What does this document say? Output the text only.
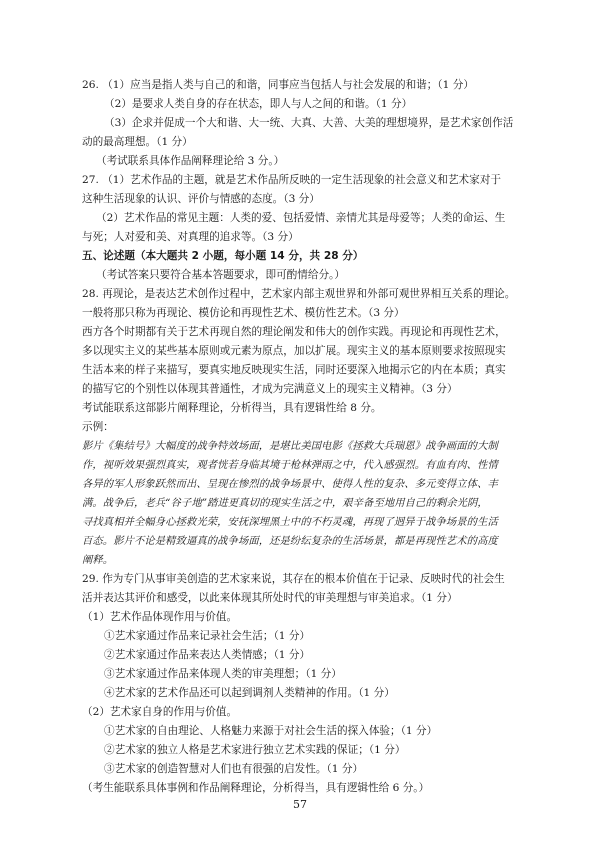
26. （1）应当是指人类与自己的和谐，同事应当包括人与社会发展的和谐；（1 分）
（2）是要求人类自身的存在状态，即人与人之间的和谐。（1 分）
（3）企求并促成一个大和谐、大一统、大真、大善、大美的理想境界，是艺术家创作活
动的最高理想。（1 分）
（考试联系具体作品阐释理论给 3 分。）
27. （1）艺术作品的主题，就是艺术作品所反映的一定生活现象的社会意义和艺术家对于
这种生活现象的认识、评价与情感的态度。（3 分）
（2）艺术作品的常见主题：人类的爱、包括爱情、亲情尤其是母爱等；人类的命运、生
与死；人对爱和美、对真理的追求等。（3 分）
五、论述题（本大题共 2 小题，每小题 14 分，共 28 分）
（考试答案只要符合基本答题要求，即可酌情给分。）
28. 再现论，是表达艺术创作过程中，艺术家内部主观世界和外部可观世界相互关系的理论。
一般将那只称为再现论、模仿论和再现性艺术、模仿性艺术。（3 分）
西方各个时期都有关于艺术再现自然的理论阐发和伟大的创作实践。再现论和再现性艺术，
多以现实主义的某些基本原则或元素为原点，加以扩展。现实主义的基本原则要求按照现实
生活本来的样子来描写，要真实地反映现实生活，同时还要深入地揭示它的内在本质；真实
的描写它的个别性以体现其普通性，才成为完满意义上的现实主义精神。（3 分）
考试能联系这部影片阐释理论，分析得当，具有逻辑性给 8 分。
示例：
影片《集结号》大幅度的战争特效场面，是堪比美国电影《拯救大兵瑞恩》战争画面的大制
作，视听效果强烈真实，观者恍若身临其境于枪林弹雨之中，代入感强烈。有血有肉、性情
各异的军人形象跃然而出、呈现在惨烈的战争场景中、使得人性的复杂、多元变得立体、丰
满。战争后，老兵“谷子地”踏进更真切的现实生活之中，艰辛备至地用自己的剩余光阴，
寻找真相并全幅身心拯救光荣，安抚深埋黑土中的不朽灵魂，再现了迥异于战争场景的生活
百态。影片不论是精致逼真的战争场面，还是纷纭复杂的生活场景，都是再现性艺术的高度
阐释。
29. 作为专门从事审美创造的艺术家来说，其存在的根本价值在于记录、反映时代的社会生
活并表达其评价和感受，以此来体现其所处时代的审美理想与审美追求。（1 分）
（1）艺术作品体现作用与价值。
①艺术家通过作品来记录社会生活；（1 分）
②艺术家通过作品来表达人类情感；（1 分）
③艺术家通过作品来体现人类的审美理想；（1 分）
④艺术家的艺术作品还可以起到调剂人类精神的作用。（1 分）
（2）艺术家自身的作用与价值。
①艺术家的自由理论、人格魅力来源于对社会生活的探入体验；（1 分）
②艺术家的独立人格是艺术家进行独立艺术实践的保证；（1 分）
③艺术家的创造智慧对人们也有很强的启发性。（1 分）
（考生能联系具体事例和作品阐释理论，分析得当，具有逻辑性给 6 分。）
57
